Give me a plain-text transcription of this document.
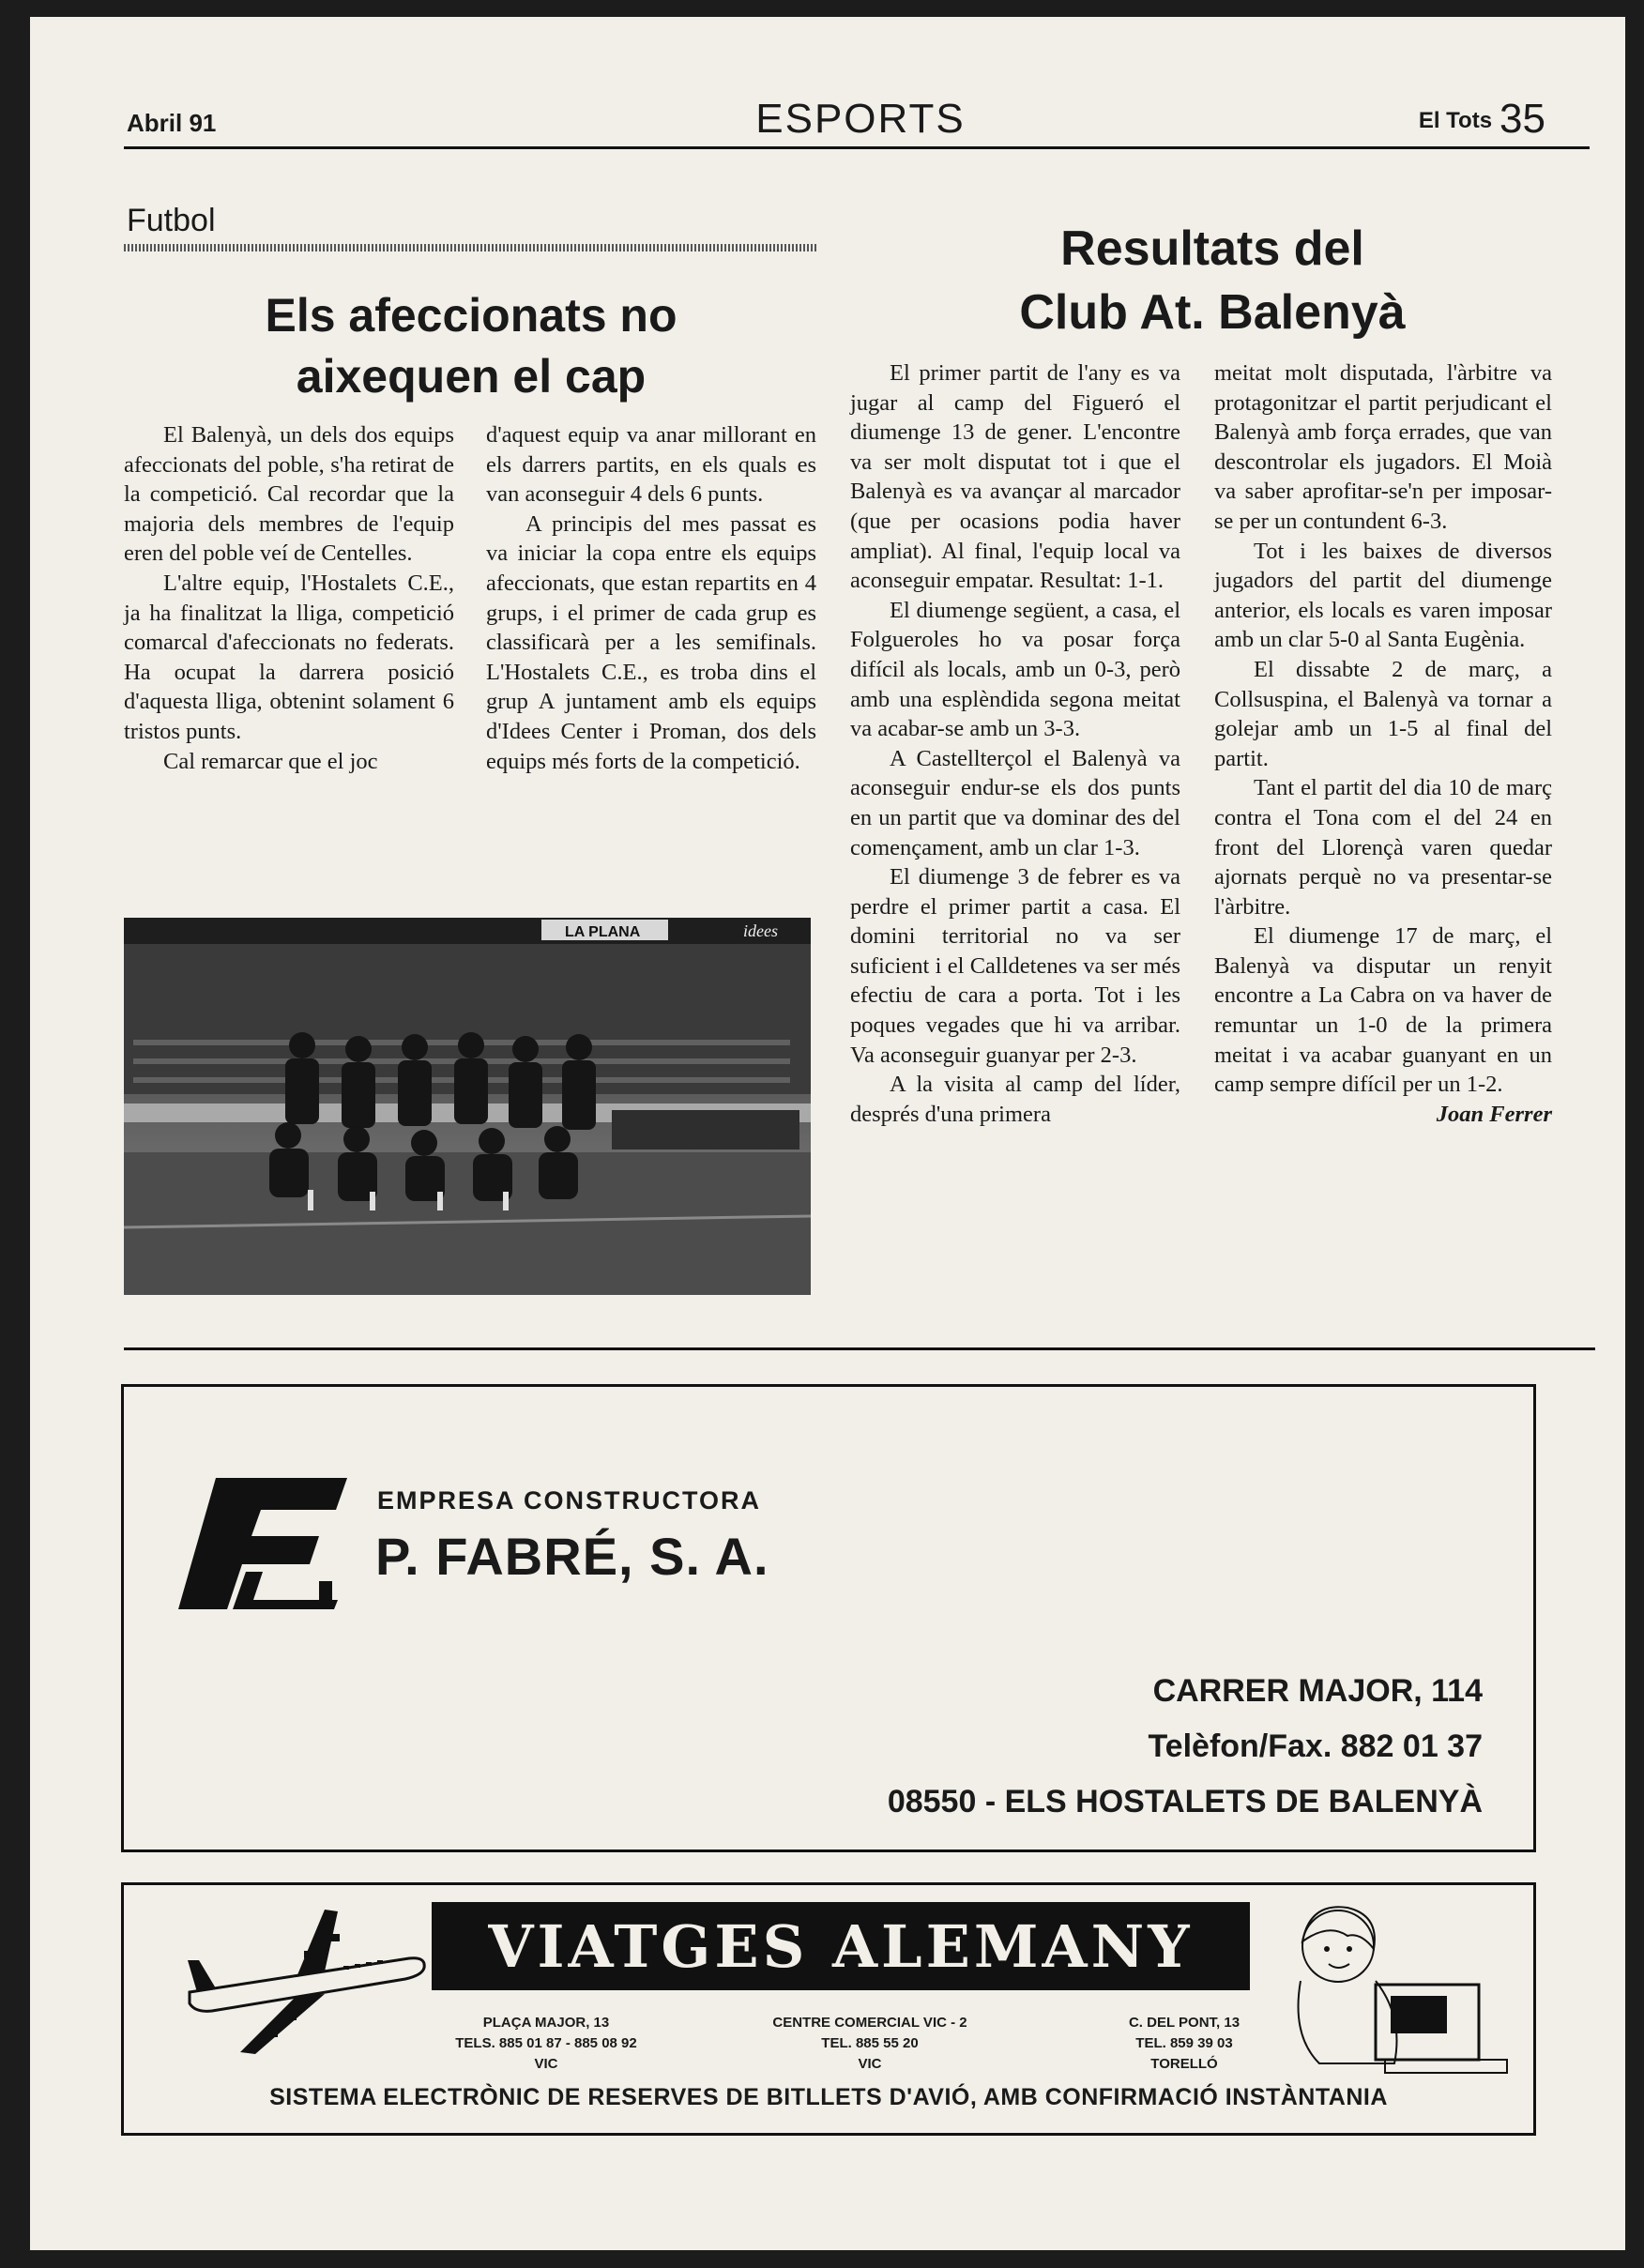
Abril 91	ESPORTS	El Tots 35
Futbol
Els afeccionats no
aixequen el cap

El Balenyà, un dels dos equips afeccionats del poble, s'ha retirat de la competició. Cal recordar que la majoria dels membres de l'equip eren del poble veí de Centelles.

L'altre equip, l'Hostalets C.E., ja ha finalitzat la lliga, competició comarcal d'afeccionats no federats. Ha ocupat la darrera posició d'aquesta lliga, obtenint solament 6 tristos punts.

Cal remarcar que el joc

d'aquest equip va anar millorant en els darrers partits, en els quals es van aconseguir 4 dels 6 punts.

A principis del mes passat es va iniciar la copa entre els equips afeccionats, que estan repartits en 4 grups, i el primer de cada grup es classificarà per a les semifinals. L'Hostalets C.E., es troba dins el grup A juntament amb els equips d'Idees Center i Proman, dos dels equips més forts de la competició.

LA PLANA	idees
Resultats del
Club At. Balenyà

El primer partit de l'any es va jugar al camp del Figueró el diumenge 13 de gener. L'encontre va ser molt disputat tot i que el Balenyà es va avançar al marcador (que per ocasions podia haver ampliat). Al final, l'equip local va aconseguir empatar. Resultat: 1-1.

El diumenge següent, a casa, el Folgueroles ho va posar força difícil als locals, amb un 0-3, però amb una esplèndida segona meitat va acabar-se amb un 3-3.

A Castellterçol el Balenyà va aconseguir endur-se els dos punts en un partit que va dominar des del començament, amb un clar 1-3.

El diumenge 3 de febrer es va perdre el primer partit a casa. El domini territorial no va ser suficient i el Calldetenes va ser més efectiu de cara a porta. Tot i les poques vegades que hi va arribar. Va aconseguir guanyar per 2-3.

A la visita al camp del líder, després d'una primera

meitat molt disputada, l'àrbitre va protagonitzar el partit perjudicant el Balenyà amb força errades, que van descontrolar els jugadors. El Moià va saber aprofitar-se'n per imposar-se per un contundent 6-3.

Tot i les baixes de diversos jugadors del partit del diumenge anterior, els locals es varen imposar amb un clar 5-0 al Santa Eugènia.

El dissabte 2 de març, a Collsuspina, el Balenyà va tornar a golejar amb un 1-5 al final del partit.

Tant el partit del dia 10 de març contra el Tona com el del 24 en front del Llorençà varen quedar ajornats perquè no va presentar-se l'àrbitre.

El diumenge 17 de març, el Balenyà va disputar un renyit encontre a La Cabra on va haver de remuntar un 1-0 de la primera meitat i va acabar guanyant en un camp sempre difícil per un 1-2.

Joan Ferrer
EMPRESA CONSTRUCTORA
P. FABRÉ, S. A.
CARRER MAJOR, 114
Telèfon/Fax. 882 01 37
08550 - ELS HOSTALETS DE BALENYÀ
VIATGES ALEMANY
PLAÇA MAJOR, 13
TELS. 885 01 87 - 885 08 92
VIC
CENTRE COMERCIAL VIC - 2
TEL. 885 55 20
VIC
C. DEL PONT, 13
TEL. 859 39 03
TORELLÓ
SISTEMA ELECTRÒNIC DE RESERVES DE BITLLETS D'AVIÓ, AMB CONFIRMACIÓ INSTÀNTANIA
